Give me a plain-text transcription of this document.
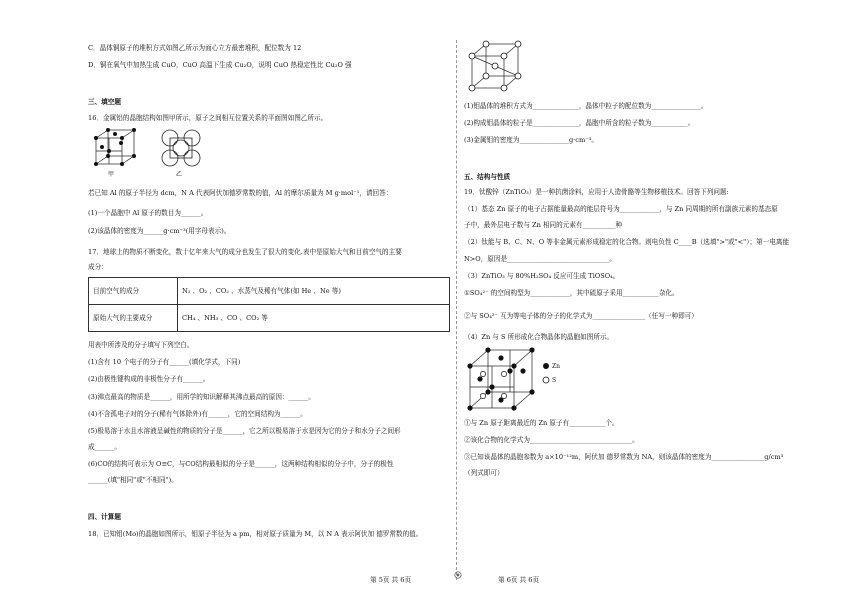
C．晶体铜原子的堆积方式如图乙所示为面心立方最密堆积，配位数为 12
D．铜在氧气中加热生成 CuO，CuO 高温下生成 Cu₂O，说明 CuO 热稳定性比 Cu₂O 强
三、填空题
16．金属铝的晶胞结构如图甲所示，原子之间相互位置关系的平面图如图乙所示。
甲	乙
若已知 Al 的原子半径为 dcm，N A 代表阿伏加德罗常数的值，Al 的摩尔质量为 M g·mol⁻¹，请回答：
(1)一个晶胞中 Al 原子的数目为______。
(2)该晶体的密度为______g·cm⁻³(用字母表示)。
17．地球上的物质不断变化，数十亿年来大气的成分也发生了很大的变化.表中是原始大气和目前空气的主要
成分：
目前空气的成分	N₂ 、O₂ 、CO₂ 、水蒸气及稀有气体(如 He 、Ne 等)
原始大气的主要成分	CH₄ 、NH₃ 、CO 、CO₂ 等
用表中所涉及的分子填写下列空白。
(1)含有 10 个电子的分子有______(填化学式，下同)
(2)由极性键构成的非极性分子有______。
(3)沸点最高的物质是______，用所学的知识解释其沸点最高的原因：______。
(4)不含孤电子对的分子(稀有气体除外)有______，它的空间结构为______。
(5)极易溶于水且水溶液呈碱性的物质的分子是______，它之所以极易溶于水是因为它的分子和水分子之间形
成______。
(6)CO的结构可表示为 O≡C，与CO结构最相似的分子是______，这两种结构相似的分子中，分子的极性
______(填"相同"或"不相同")。
四、计算题
18．已知钼(Mo)的晶胞如图所示，钼原子半径为 a pm，相对原子质量为 M，以 N A 表示阿伏加 德罗常数的值。
(1)钼晶体的堆积方式为______________，晶体中粒子的配位数为_______________。
(2)构成钼晶体的粒子是______________，晶胞中所含的粒子数为___________。
(3)金属钼的密度为_______________g·cm⁻³。
五、结构与性质
19．钛酸锌（ZnTiO₃）是一种抗菌涂料，应用于人造骨骼等生物移植技术。回答下列问题:
（1）基态 Zn 原子的电子占据能量最高的能层符号为____________，与 Zn 同周期的所有副族元素的基态原
子中，最外层电子数与 Zn 相同的元素有__________种
（2）钛能与 B、C、N、O 等非金属元素形成稳定的化合物。则电负性 C____B（选填">"或"<"）；第一电离能
N>O，原因是_______________________________。
（3）ZnTiO₃ 与 80%H₂SO₄ 反应可生成 TiOSO₄。
①SO₄²⁻ 的空间构型为____________，其中硫原子采用___________杂化。
②与 SO₄²⁻ 互为等电子体的分子的化学式为________________（任写一种即可）
（4）Zn 与 S 所形成化合物晶体的晶胞如图所示。
Zn
S
①与 Zn 原子距离最近的 Zn 原子有___________个。
②该化合物的化学式为_______________________________。
③已知该晶体的晶胞参数为 a×10⁻¹²m，阿伏加 德罗常数为 NA，则该晶体的密度为________________g/cm³
（列式即可）
第 5页 共 6页	第 6页 共 6页
